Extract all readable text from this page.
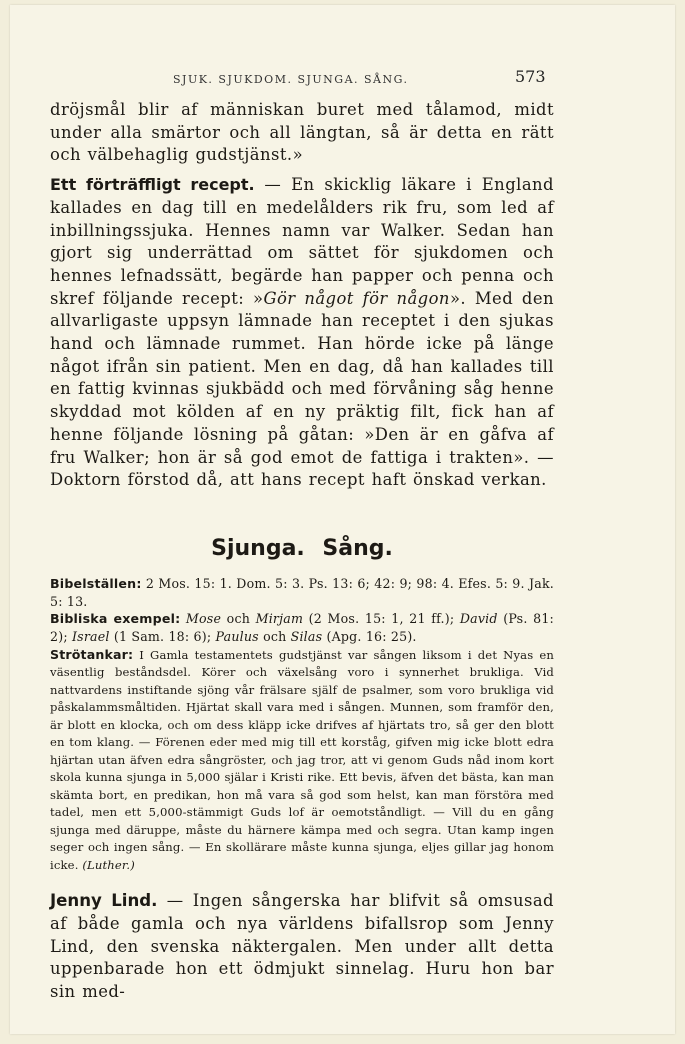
SJUK. SJUKDOM. SJUNGA. SÅNG.	573

dröjsmål blir af människan buret med tålamod, midt under alla smärtor och all längtan, så är detta en rätt och välbehaglig gudstjänst.»

Ett förträffligt recept. — En skicklig läkare i England kallades en dag till en medelålders rik fru, som led af inbillningssjuka. Hennes namn var Walker. Sedan han gjort sig underrättad om sättet för sjukdomen och hennes lefnadssätt, begärde han papper och penna och skref följande recept: »Gör något för någon». Med den allvarligaste uppsyn lämnade han receptet i den sjukas hand och lämnade rummet. Han hörde icke på länge något ifrån sin patient. Men en dag, då han kallades till en fattig kvinnas sjukbädd och med förvåning såg henne skyddad mot kölden af en ny präktig filt, fick han af henne följande lösning på gåtan: »Den är en gåfva af fru Walker; hon är så god emot de fattiga i trakten». — Doktorn förstod då, att hans recept haft önskad verkan.

Sjunga. Sång.

Bibelställen: 2 Mos. 15: 1. Dom. 5: 3. Ps. 13: 6; 42: 9; 98: 4. Efes. 5: 9. Jak. 5: 13.

Bibliska exempel: Mose och Mirjam (2 Mos. 15: 1, 21 ff.); David (Ps. 81: 2); Israel (1 Sam. 18: 6); Paulus och Silas (Apg. 16: 25).

Strötankar: I Gamla testamentets gudstjänst var sången liksom i det Nyas en väsentlig beståndsdel. Körer och växelsång voro i synnerhet brukliga. Vid nattvardens instiftande sjöng vår frälsare själf de psalmer, som voro brukliga vid påskalammsmåltiden. Hjärtat skall vara med i sången. Munnen, som framför den, är blott en klocka, och om dess kläpp icke drifves af hjärtats tro, så ger den blott en tom klang. — Förenen eder med mig till ett korståg, gifven mig icke blott edra hjärtan utan äfven edra sångröster, och jag tror, att vi genom Guds nåd inom kort skola kunna sjunga in 5,000 själar i Kristi rike. Ett bevis, äfven det bästa, kan man skämta bort, en predikan, hon må vara så god som helst, kan man förstöra med tadel, men ett 5,000-stämmigt Guds lof är oemotståndligt. — Vill du en gång sjunga med däruppe, måste du härnere kämpa med och segra. Utan kamp ingen seger och ingen sång. — En skollärare måste kunna sjunga, eljes gillar jag honom icke. (Luther.)

Jenny Lind. — Ingen sångerska har blifvit så omsusad af både gamla och nya världens bifallsrop som Jenny Lind, den svenska näktergalen. Men under allt detta uppenbarade hon ett ödmjukt sinnelag. Huru hon bar sin med-
